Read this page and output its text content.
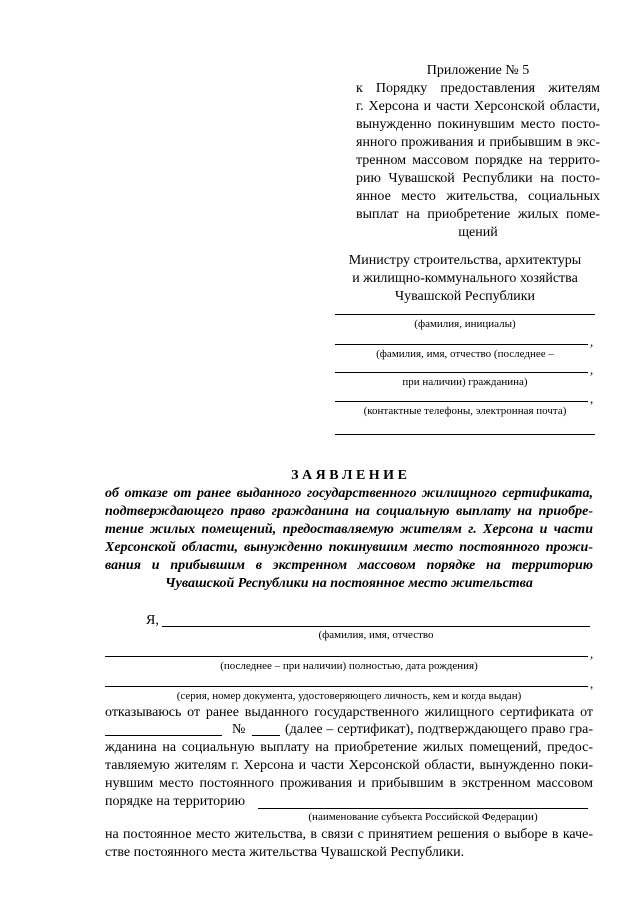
Приложение № 5
к Порядку предоставления жителям
г. Херсона и части Херсонской области,
вынужденно покинувшим место посто-
янного проживания и прибывшим в экс-
тренном массовом порядке на террито-
рию Чувашской Республики на посто-
янное место жительства, социальных
выплат на приобретение жилых поме-
щений
Министру строительства, архитектуры
и жилищно-коммунального хозяйства
Чувашской Республики
(фамилия, инициалы)
,
(фамилия, имя, отчество (последнее –
,
при наличии) гражданина)
,
(контактные телефоны, электронная почта)
З А Я В Л Е Н И Е
об отказе от ранее выданного государственного жилищного сертификата,
подтверждающего право гражданина на социальную выплату на приобре-
тение жилых помещений, предоставляемую жителям г. Херсона и части
Херсонской области, вынужденно покинувшим место постоянного прожи-
вания и прибывшим в экстренном массовом порядке на территорию
Чувашской Республики на постоянное место жительства
Я,
(фамилия, имя, отчество
,
(последнее – при наличии) полностью, дата рождения)
,
(серия, номер документа, удостоверяющего личность, кем и когда выдан)
отказываюсь от ранее выданного государственного жилищного сертификата от
№	(далее – сертификат), подтверждающего право гра-
жданина на социальную выплату на приобретение жилых помещений, предос-
тавляемую жителям г. Херсона и части Херсонской области, вынужденно поки-
нувшим место постоянного проживания и прибывшим в экстренном массовом
порядке на территорию
(наименование субъекта Российской Федерации)
на постоянное место жительства, в связи с принятием решения о выборе в каче-
стве постоянного места жительства Чувашской Республики.
